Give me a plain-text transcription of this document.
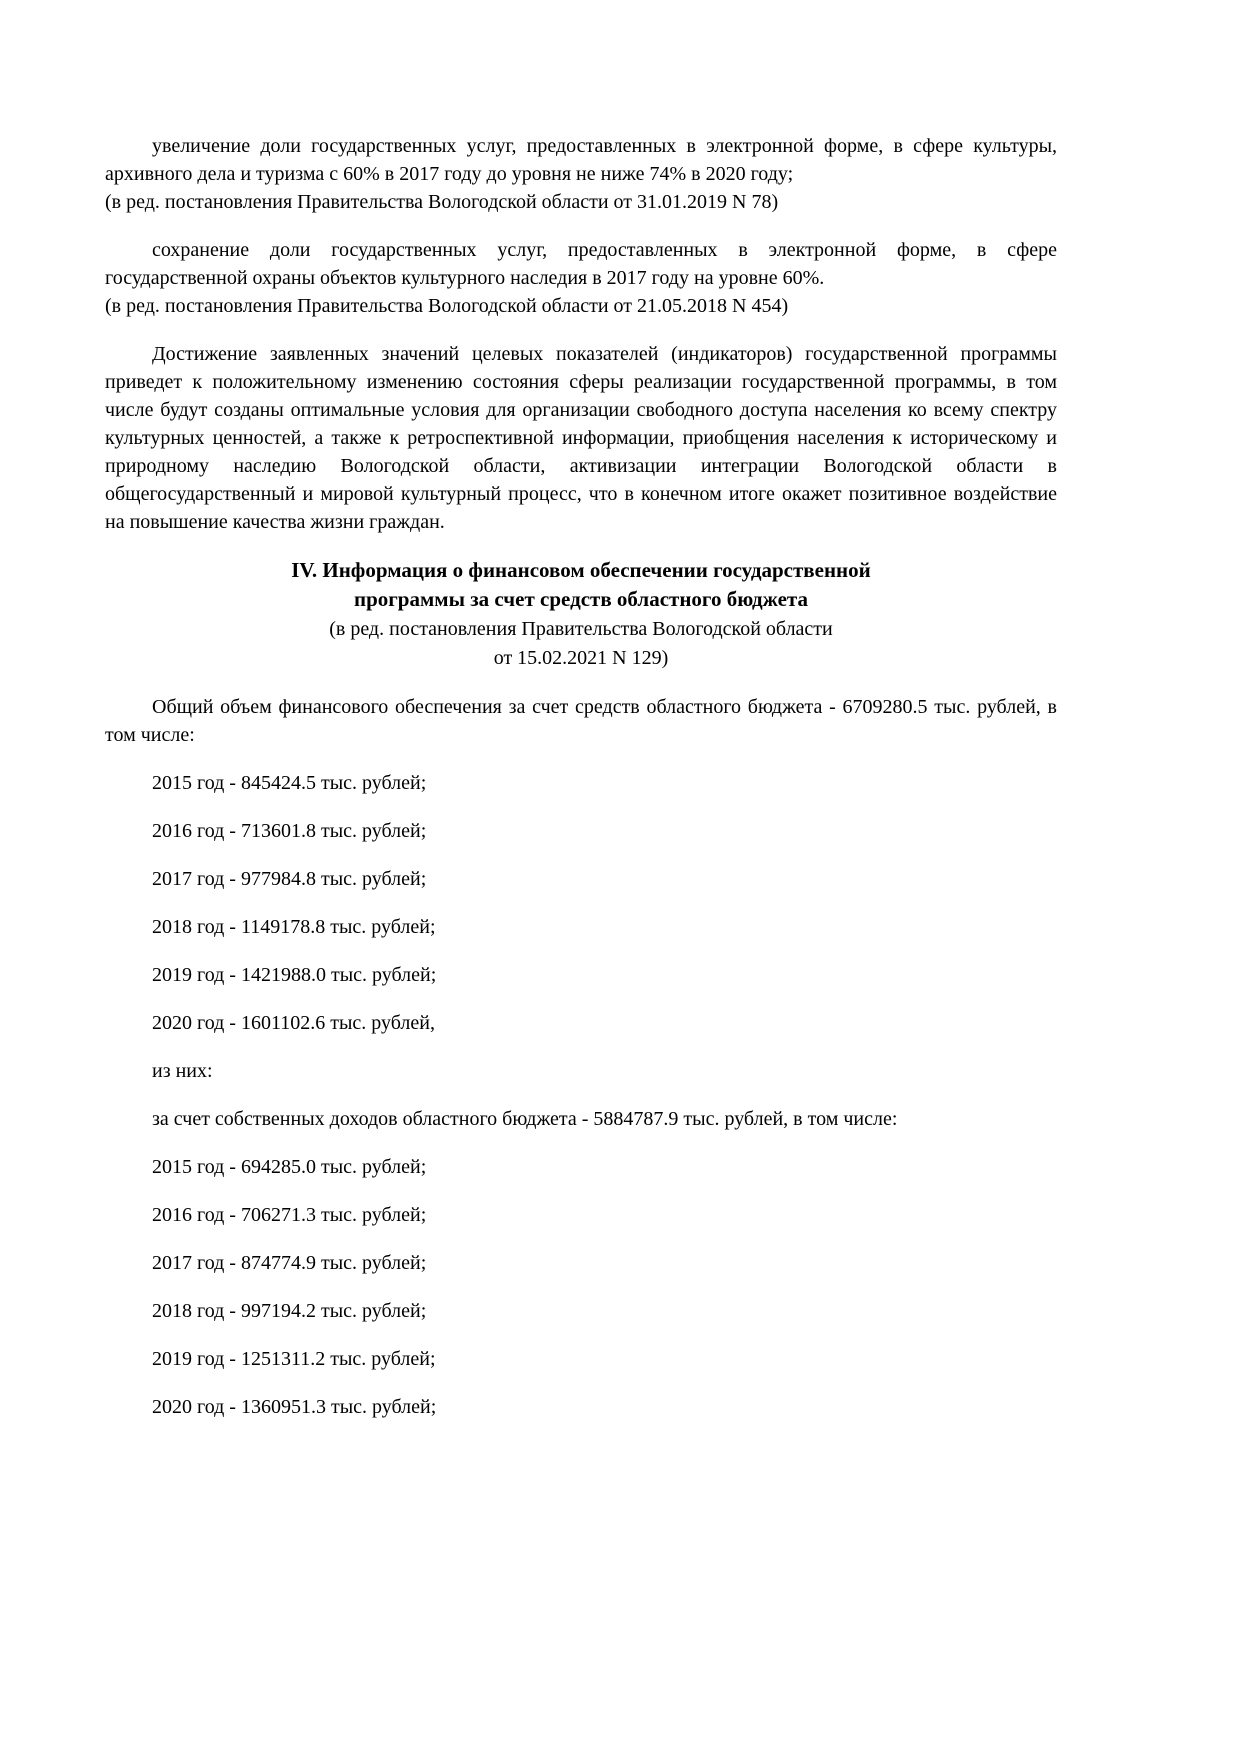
увеличение доли государственных услуг, предоставленных в электронной форме, в сфере культуры, архивного дела и туризма с 60% в 2017 году до уровня не ниже 74% в 2020 году;

(в ред. постановления Правительства Вологодской области от 31.01.2019 N 78)

сохранение доли государственных услуг, предоставленных в электронной форме, в сфере государственной охраны объектов культурного наследия в 2017 году на уровне 60%.

(в ред. постановления Правительства Вологодской области от 21.05.2018 N 454)

Достижение заявленных значений целевых показателей (индикаторов) государственной программы приведет к положительному изменению состояния сферы реализации государственной программы, в том числе будут созданы оптимальные условия для организации свободного доступа населения ко всему спектру культурных ценностей, а также к ретроспективной информации, приобщения населения к историческому и природному наследию Вологодской области, активизации интеграции Вологодской области в общегосударственный и мировой культурный процесс, что в конечном итоге окажет позитивное воздействие на повышение качества жизни граждан.

IV. Информация о финансовом обеспечении государственной
программы за счет средств областного бюджета
(в ред. постановления Правительства Вологодской области
от 15.02.2021 N 129)

Общий объем финансового обеспечения за счет средств областного бюджета - 6709280.5 тыс. рублей, в том числе:

2015 год - 845424.5 тыс. рублей;

2016 год - 713601.8 тыс. рублей;

2017 год - 977984.8 тыс. рублей;

2018 год - 1149178.8 тыс. рублей;

2019 год - 1421988.0 тыс. рублей;

2020 год - 1601102.6 тыс. рублей,

из них:

за счет собственных доходов областного бюджета - 5884787.9 тыс. рублей, в том числе:

2015 год - 694285.0 тыс. рублей;

2016 год - 706271.3 тыс. рублей;

2017 год - 874774.9 тыс. рублей;

2018 год - 997194.2 тыс. рублей;

2019 год - 1251311.2 тыс. рублей;

2020 год - 1360951.3 тыс. рублей;
